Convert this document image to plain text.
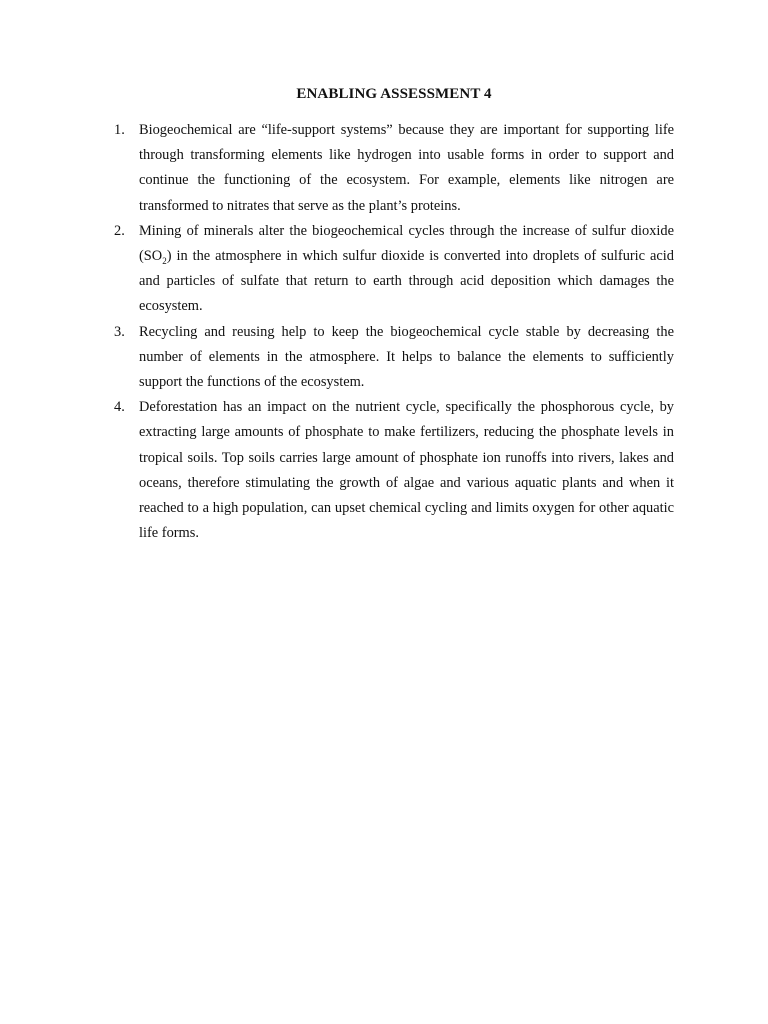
ENABLING ASSESSMENT 4
1. Biogeochemical are “life-support systems” because they are important for supporting life through transforming elements like hydrogen into usable forms in order to support and continue the functioning of the ecosystem. For example, elements like nitrogen are transformed to nitrates that serve as the plant’s proteins.
2. Mining of minerals alter the biogeochemical cycles through the increase of sulfur dioxide $(SO_2)$ in the atmosphere in which sulfur dioxide is converted into droplets of sulfuric acid and particles of sulfate that return to earth through acid deposition which damages the ecosystem.
3. Recycling and reusing help to keep the biogeochemical cycle stable by decreasing the number of elements in the atmosphere. It helps to balance the elements to sufficiently support the functions of the ecosystem.
4. Deforestation has an impact on the nutrient cycle, specifically the phosphorous cycle, by extracting large amounts of phosphate to make fertilizers, reducing the phosphate levels in tropical soils. Top soils carries large amount of phosphate ion runoffs into rivers, lakes and oceans, therefore stimulating the growth of algae and various aquatic plants and when it reached to a high population, can upset chemical cycling and limits oxygen for other aquatic life forms.
